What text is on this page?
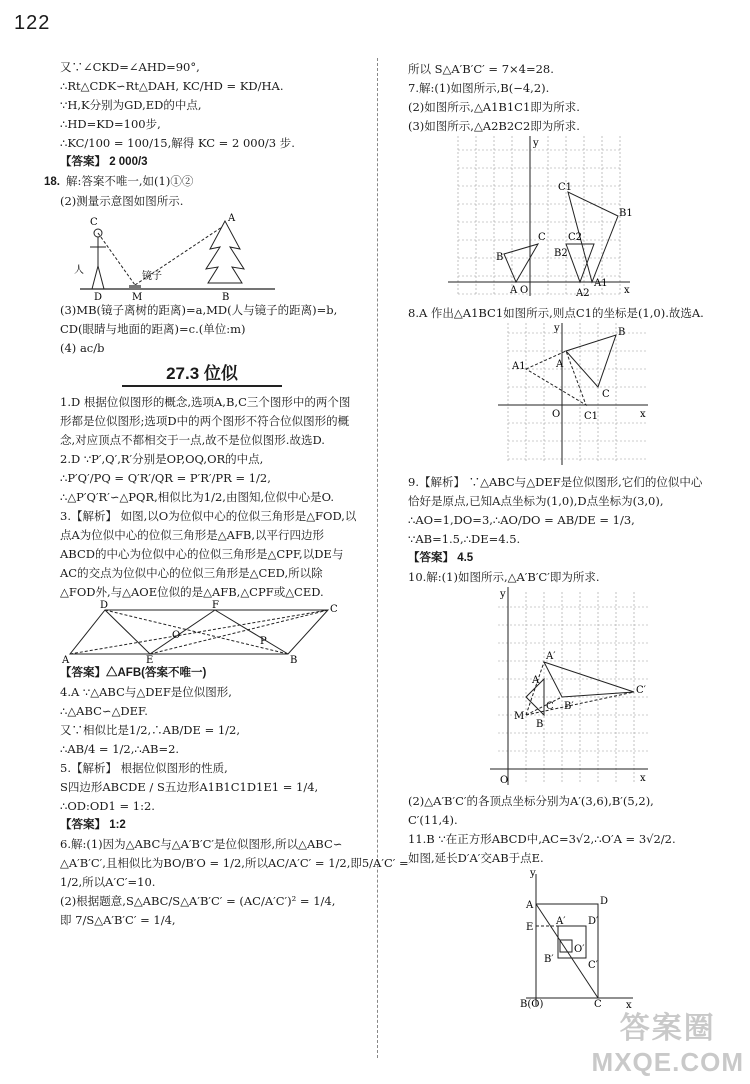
122
又∵∠CKD=∠AHD=90°,
∴Rt△CDK∽Rt△DAH, KC/HD = KD/HA.
∵H,K分别为GD,ED的中点,
∴HD=KD=100步,
∴KC/100 = 100/15,解得 KC = 2 000/3 步.
【答案】 2 000/3
18. 解:答案不唯一,如(1)①②
(2)测量示意图如图所示.
C
人
镜子
D	M
A
B
(3)MB(镜子离树的距离)=a,MD(人与镜子的距离)=b,
CD(眼睛与地面的距离)=c.(单位:m)
(4) ac/b
27.3 位似
1.D 根据位似图形的概念,选项A,B,C三个图形中的两个图
形都是位似图形;选项D中的两个图形不符合位似图形的概
念,对应顶点不都相交于一点,故不是位似图形.故选D.
2.D ∵P′,Q′,R′分别是OP,OQ,OR的中点,
∴P′Q′/PQ = Q′R′/QR = P′R′/PR = 1/2,
∴△P′Q′R′∽△PQR,相似比为1/2,由图知,位似中心是O.
3.【解析】 如图,以O为位似中心的位似三角形是△FOD,以
点A为位似中心的位似三角形是△AFB,以平行四边形
ABCD的中心为位似中心的位似三角形是△CPF,以DE与
AC的交点为位似中心的位似三角形是△CED,所以除
△FOD外,与△AOE位似的是△AFB,△CPF或△CED.
D	F	C
O
P
A	E	B
【答案】△AFB(答案不唯一)
4.A ∵△ABC与△DEF是位似图形,
∴△ABC∽△DEF.
又∵相似比是1/2,∴AB/DE = 1/2,
∴AB/4 = 1/2,∴AB=2.
5.【解析】 根据位似图形的性质,
S四边形ABCDE / S五边形A1B1C1D1E1 = 1/4,
∴OD:OD1 = 1:2.
【答案】 1:2
6.解:(1)因为△ABC与△A′B′C′是位似图形,所以△ABC∽
△A′B′C′,且相似比为BO/B′O = 1/2,所以AC/A′C′ = 1/2,即5/A′C′ =
1/2,所以A′C′=10.
(2)根据题意,S△ABC/S△A′B′C′ = (AC/A′C′)² = 1/4,
即 7/S△A′B′C′ = 1/4,
所以 S△A′B′C′ = 7×4=28.
7.解:(1)如图所示,B(−4,2).
(2)如图所示,△A1B1C1即为所求.
(3)如图所示,△A2B2C2即为所求.
y
x
O
C
B
A
C1
B1
A1
C2
B2
A2
8.A 作出△A1BC1如图所示,则点C1的坐标是(1,0).故选A.
y
x
O
A1	A
B
C
C1
9.【解析】 ∵△ABC与△DEF是位似图形,它们的位似中心
恰好是原点,已知A点坐标为(1,0),D点坐标为(3,0),
∴AO=1,DO=3,∴AO/DO = AB/DE = 1/3,
∵AB=1.5,∴DE=4.5.
【答案】 4.5
10.解:(1)如图所示,△A′B′C′即为所求.
y
x
O
A′
A
B
B′
C′
C
M
(2)△A′B′C′的各顶点坐标分别为A′(3,6),B′(5,2),
C′(11,4).
11.B ∵在正方形ABCD中,AC=3√2,∴O′A = 3√2/2.
如图,延长D′A′交AB于点E.
y
x
A	D
E
A′ D′
O′
B′
C′
B(O)	C
答案圈
MXQE.COM
